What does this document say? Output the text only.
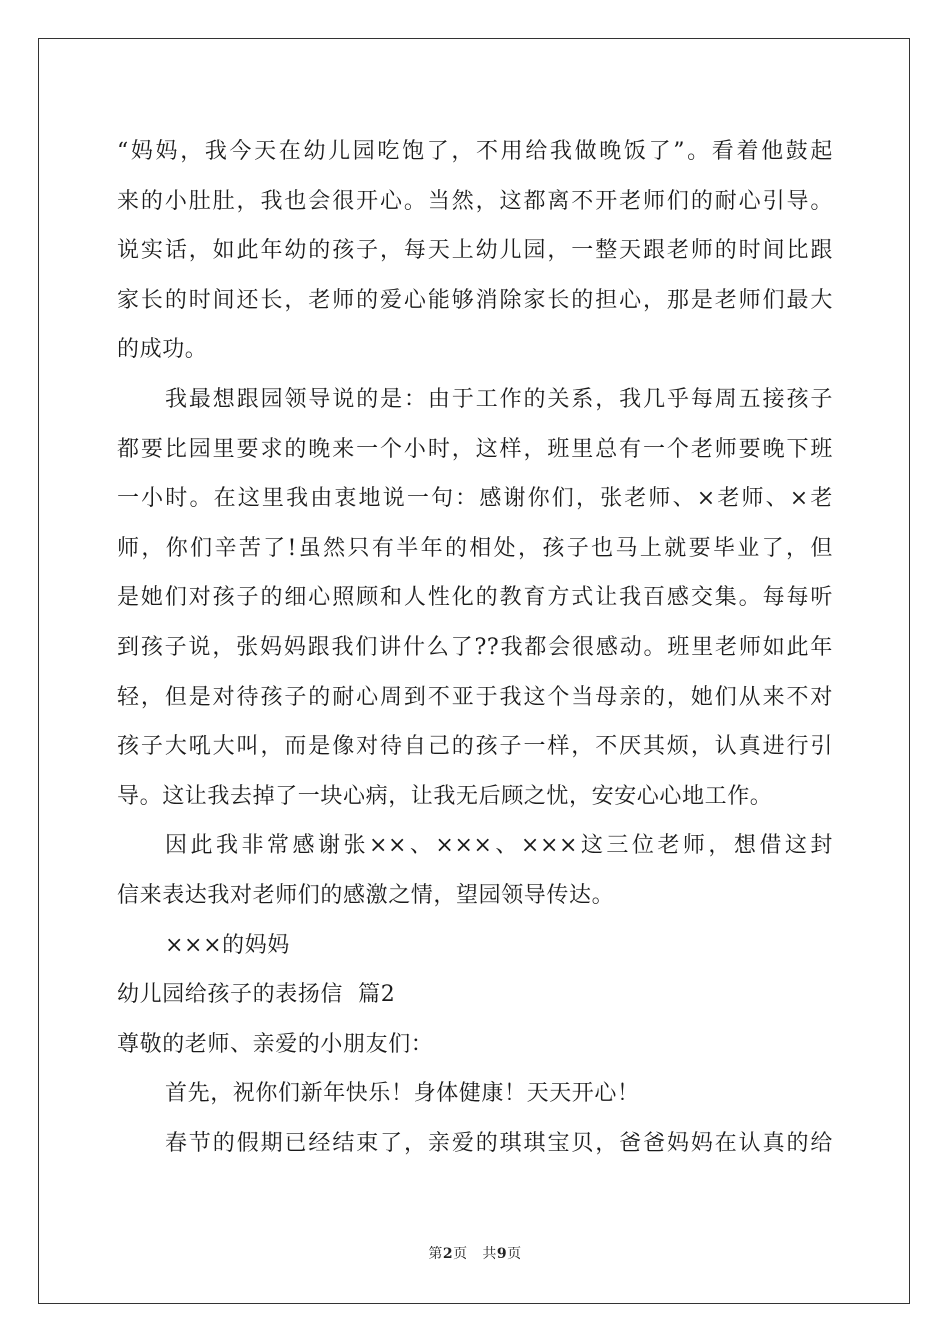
“妈妈，我今天在幼儿园吃饱了，不用给我做晚饭了”。看着他鼓起
来的小肚肚，我也会很开心。当然，这都离不开老师们的耐心引导。
说实话，如此年幼的孩子，每天上幼儿园，一整天跟老师的时间比跟
家长的时间还长，老师的爱心能够消除家长的担心，那是老师们最大
的成功。
我最想跟园领导说的是：由于工作的关系，我几乎每周五接孩子
都要比园里要求的晚来一个小时，这样，班里总有一个老师要晚下班
一小时。在这里我由衷地说一句：感谢你们，张老师、×老师、×老
师，你们辛苦了!虽然只有半年的相处，孩子也马上就要毕业了，但
是她们对孩子的细心照顾和人性化的教育方式让我百感交集。每每听
到孩子说，张妈妈跟我们讲什么了??我都会很感动。班里老师如此年
轻，但是对待孩子的耐心周到不亚于我这个当母亲的，她们从来不对
孩子大吼大叫，而是像对待自己的孩子一样，不厌其烦，认真进行引
导。这让我去掉了一块心病，让我无后顾之忧，安安心心地工作。
因此我非常感谢张××、×××、×××这三位老师，想借这封
信来表达我对老师们的感激之情，望园领导传达。
×××的妈妈
幼儿园给孩子的表扬信  篇2
尊敬的老师、亲爱的小朋友们：
首先，祝你们新年快乐！身体健康！天天开心！
春节的假期已经结束了，亲爱的琪琪宝贝，爸爸妈妈在认真的给
第2页   共9页
